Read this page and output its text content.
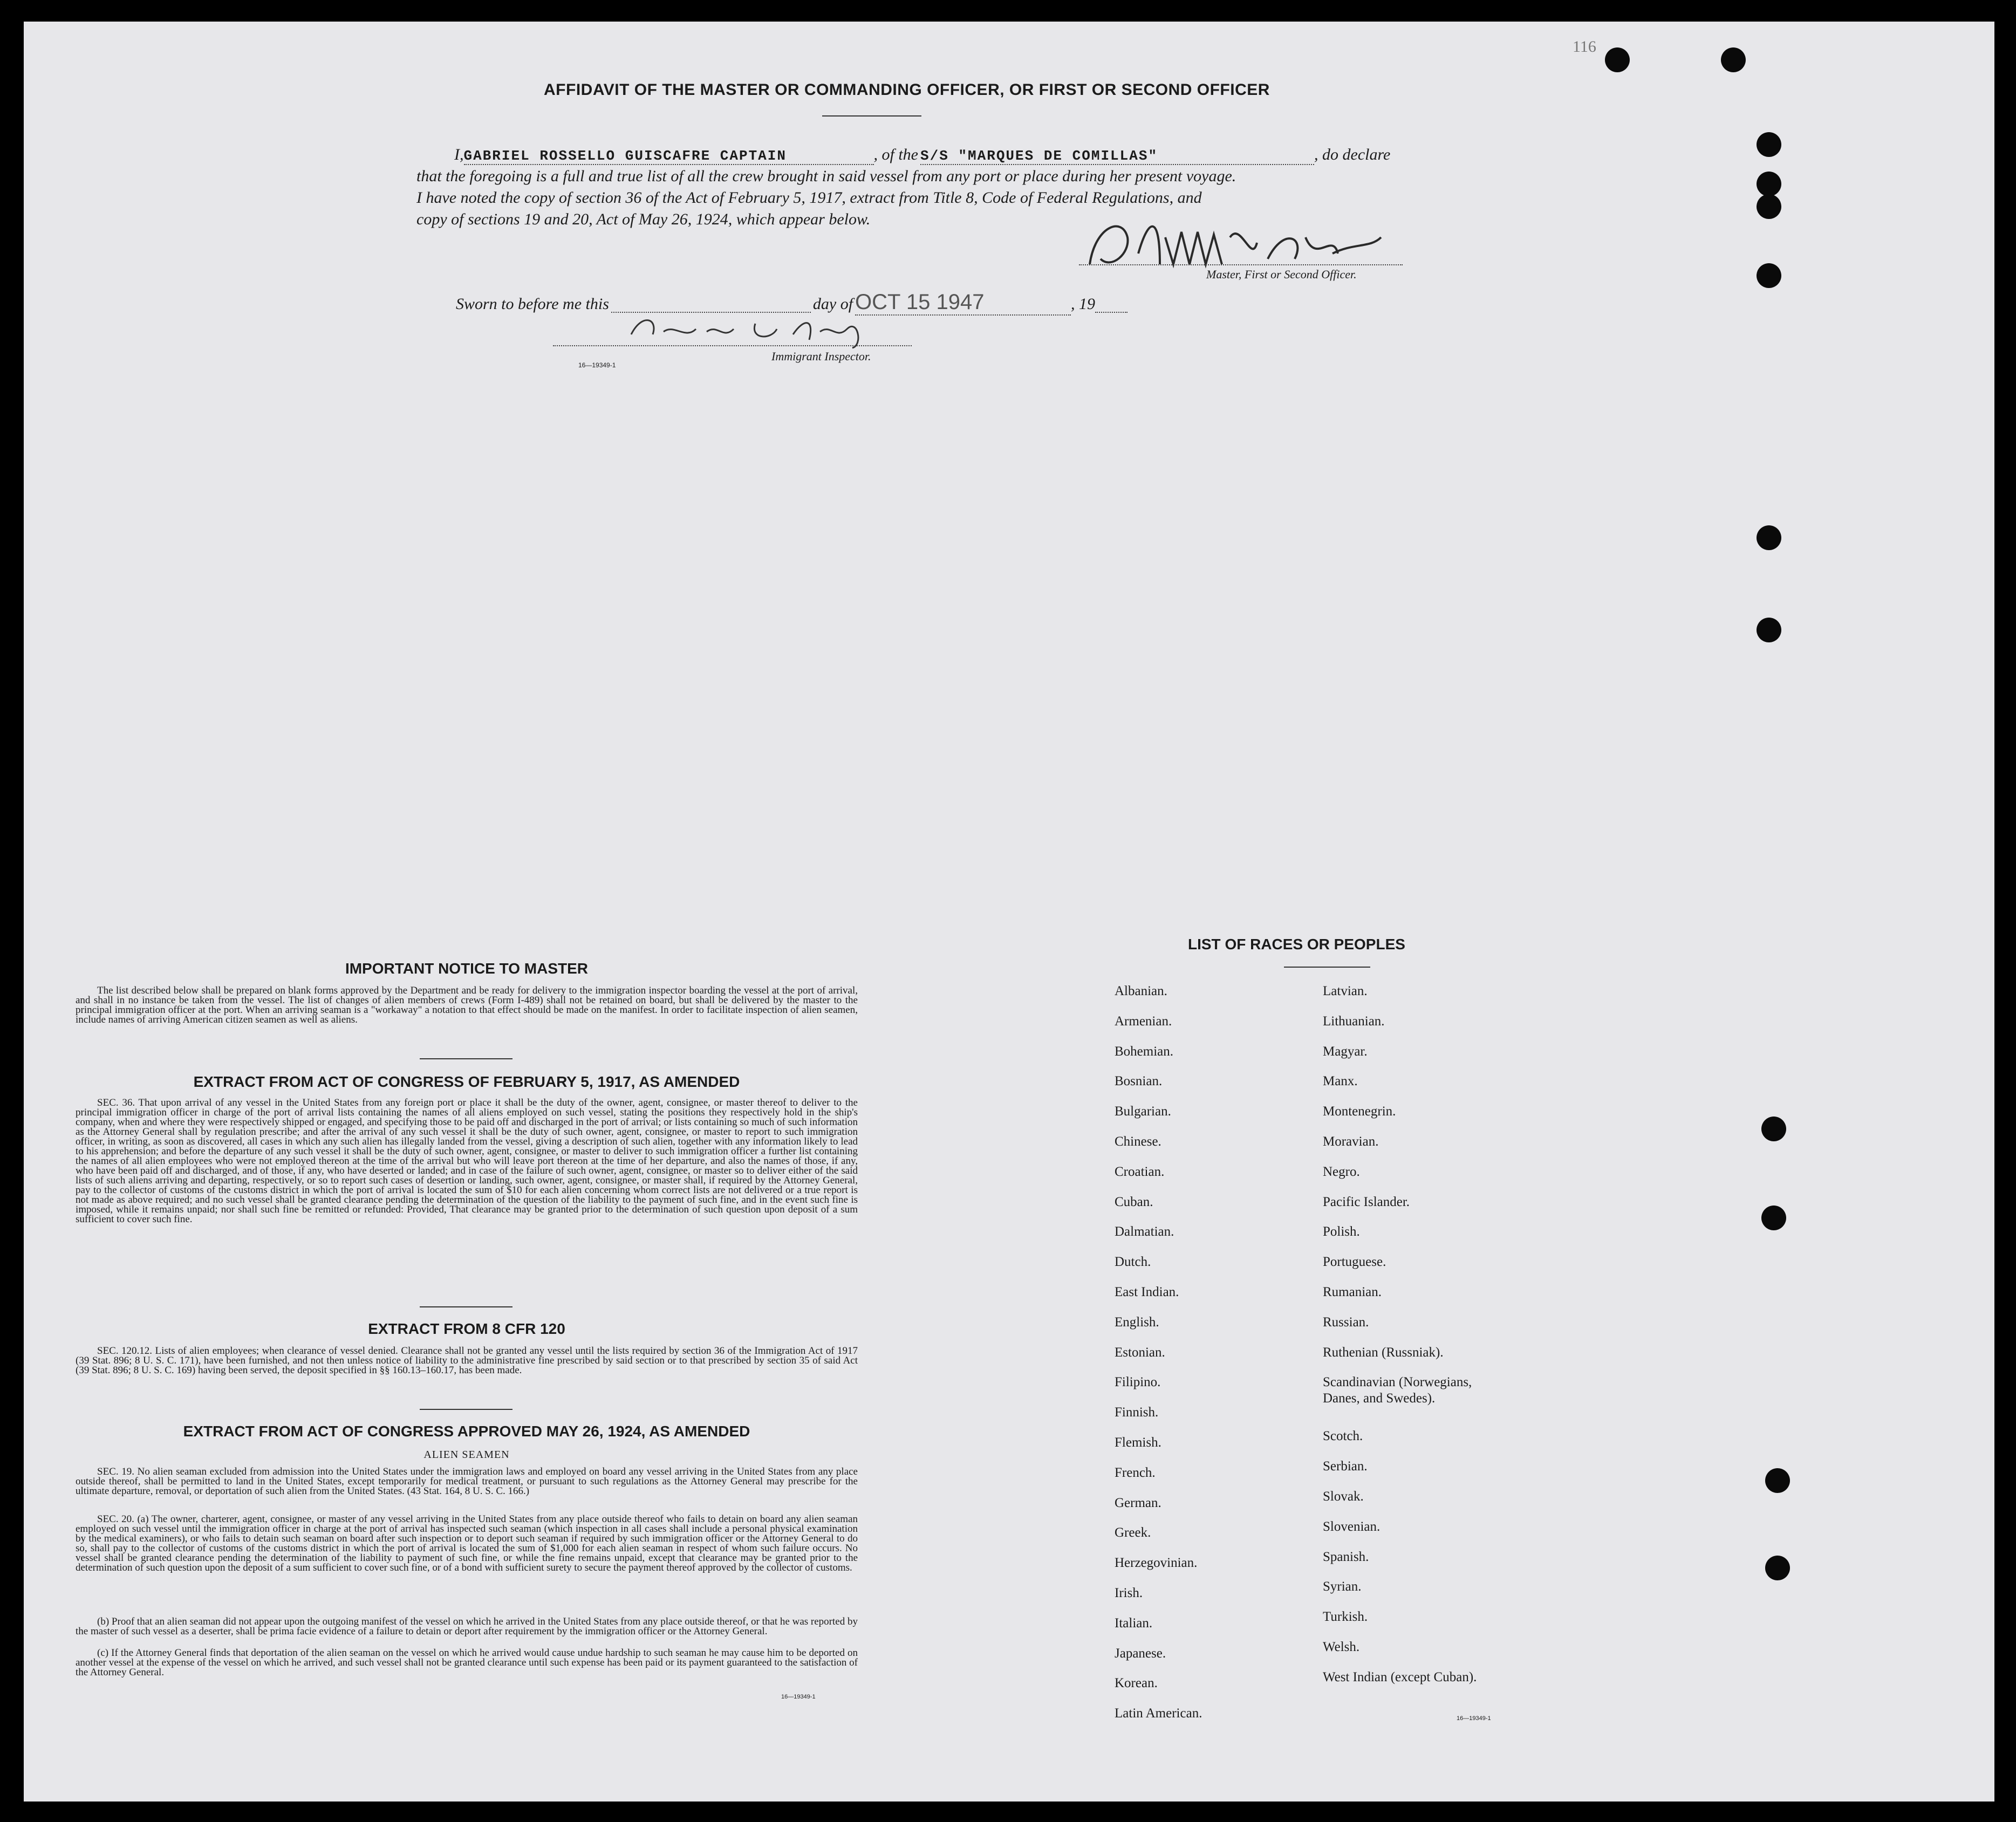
116
AFFIDAVIT OF THE MASTER OR COMMANDING OFFICER, OR FIRST OR SECOND OFFICER
I,GABRIEL ROSSELLO GUISCAFRE CAPTAIN	, of the S/S "MARQUES DE COMILLAS"	, do declare
that the foregoing is a full and true list of all the crew brought in said vessel from any port or place during her present voyage.
I have noted the copy of section 36 of the Act of February 5, 1917, extract from Title 8, Code of Federal Regulations, and
copy of sections 19 and 20, Act of May 26, 1924, which appear below.
Master, First or Second Officer.
Sworn to before me this	day of OCT 15 1947	, 19
Immigrant Inspector.
16—19349-1
IMPORTANT NOTICE TO MASTER
The list described below shall be prepared on blank forms approved by the Department and be ready for delivery to the immigration inspector boarding the vessel at the port of arrival, and shall in no instance be taken from the vessel. The list of changes of alien members of crews (Form I-489) shall not be retained on board, but shall be delivered by the master to the principal immigration officer at the port. When an arriving seaman is a "workaway" a notation to that effect should be made on the manifest. In order to facilitate inspection of alien seamen, include names of arriving American citizen seamen as well as aliens.
EXTRACT FROM ACT OF CONGRESS OF FEBRUARY 5, 1917, AS AMENDED
SEC. 36. That upon arrival of any vessel in the United States from any foreign port or place it shall be the duty of the owner, agent, consignee, or master thereof to deliver to the principal immigration officer in charge of the port of arrival lists containing the names of all aliens employed on such vessel, stating the positions they respectively hold in the ship's company, when and where they were respectively shipped or engaged, and specifying those to be paid off and discharged in the port of arrival; or lists containing so much of such information as the Attorney General shall by regulation prescribe; and after the arrival of any such vessel it shall be the duty of such owner, agent, consignee, or master to report to such immigration officer, in writing, as soon as discovered, all cases in which any such alien has illegally landed from the vessel, giving a description of such alien, together with any information likely to lead to his apprehension; and before the departure of any such vessel it shall be the duty of such owner, agent, consignee, or master to deliver to such immigration officer a further list containing the names of all alien employees who were not employed thereon at the time of the arrival but who will leave port thereon at the time of her departure, and also the names of those, if any, who have been paid off and discharged, and of those, if any, who have deserted or landed; and in case of the failure of such owner, agent, consignee, or master so to deliver either of the said lists of such aliens arriving and departing, respectively, or so to report such cases of desertion or landing, such owner, agent, consignee, or master shall, if required by the Attorney General, pay to the collector of customs of the customs district in which the port of arrival is located the sum of $10 for each alien concerning whom correct lists are not delivered or a true report is not made as above required; and no such vessel shall be granted clearance pending the determination of the question of the liability to the payment of such fine, and in the event such fine is imposed, while it remains unpaid; nor shall such fine be remitted or refunded: Provided, That clearance may be granted prior to the determination of such question upon deposit of a sum sufficient to cover such fine.
EXTRACT FROM 8 CFR 120
SEC. 120.12. Lists of alien employees; when clearance of vessel denied. Clearance shall not be granted any vessel until the lists required by section 36 of the Immigration Act of 1917 (39 Stat. 896; 8 U. S. C. 171), have been furnished, and not then unless notice of liability to the administrative fine prescribed by said section or to that prescribed by section 35 of said Act (39 Stat. 896; 8 U. S. C. 169) having been served, the deposit specified in §§ 160.13–160.17, has been made.
EXTRACT FROM ACT OF CONGRESS APPROVED MAY 26, 1924, AS AMENDED
ALIEN SEAMEN
SEC. 19. No alien seaman excluded from admission into the United States under the immigration laws and employed on board any vessel arriving in the United States from any place outside thereof, shall be permitted to land in the United States, except temporarily for medical treatment, or pursuant to such regulations as the Attorney General may prescribe for the ultimate departure, removal, or deportation of such alien from the United States. (43 Stat. 164, 8 U. S. C. 166.)
SEC. 20. (a) The owner, charterer, agent, consignee, or master of any vessel arriving in the United States from any place outside thereof who fails to detain on board any alien seaman employed on such vessel until the immigration officer in charge at the port of arrival has inspected such seaman (which inspection in all cases shall include a personal physical examination by the medical examiners), or who fails to detain such seaman on board after such inspection or to deport such seaman if required by such immigration officer or the Attorney General to do so, shall pay to the collector of customs of the customs district in which the port of arrival is located the sum of $1,000 for each alien seaman in respect of whom such failure occurs. No vessel shall be granted clearance pending the determination of the liability to payment of such fine, or while the fine remains unpaid, except that clearance may be granted prior to the determination of such question upon the deposit of a sum sufficient to cover such fine, or of a bond with sufficient surety to secure the payment thereof approved by the collector of customs.
(b) Proof that an alien seaman did not appear upon the outgoing manifest of the vessel on which he arrived in the United States from any place outside thereof, or that he was reported by the master of such vessel as a deserter, shall be prima facie evidence of a failure to detain or deport after requirement by the immigration officer or the Attorney General.
(c) If the Attorney General finds that deportation of the alien seaman on the vessel on which he arrived would cause undue hardship to such seaman he may cause him to be deported on another vessel at the expense of the vessel on which he arrived, and such vessel shall not be granted clearance until such expense has been paid or its payment guaranteed to the satisfaction of the Attorney General.
16—19349-1
LIST OF RACES OR PEOPLES
Albanian.
Armenian.
Bohemian.
Bosnian.
Bulgarian.
Chinese.
Croatian.
Cuban.
Dalmatian.
Dutch.
East Indian.
English.
Estonian.
Filipino.
Finnish.
Flemish.
French.
German.
Greek.
Herzegovinian.
Irish.
Italian.
Japanese.
Korean.
Latin American.
Latvian.
Lithuanian.
Magyar.
Manx.
Montenegrin.
Moravian.
Negro.
Pacific Islander.
Polish.
Portuguese.
Rumanian.
Russian.
Ruthenian (Russniak).
Scandinavian (Norwegians,
Danes, and Swedes).
Scotch.
Serbian.
Slovak.
Slovenian.
Spanish.
Syrian.
Turkish.
Welsh.
West Indian (except Cuban).
16—19349-1
